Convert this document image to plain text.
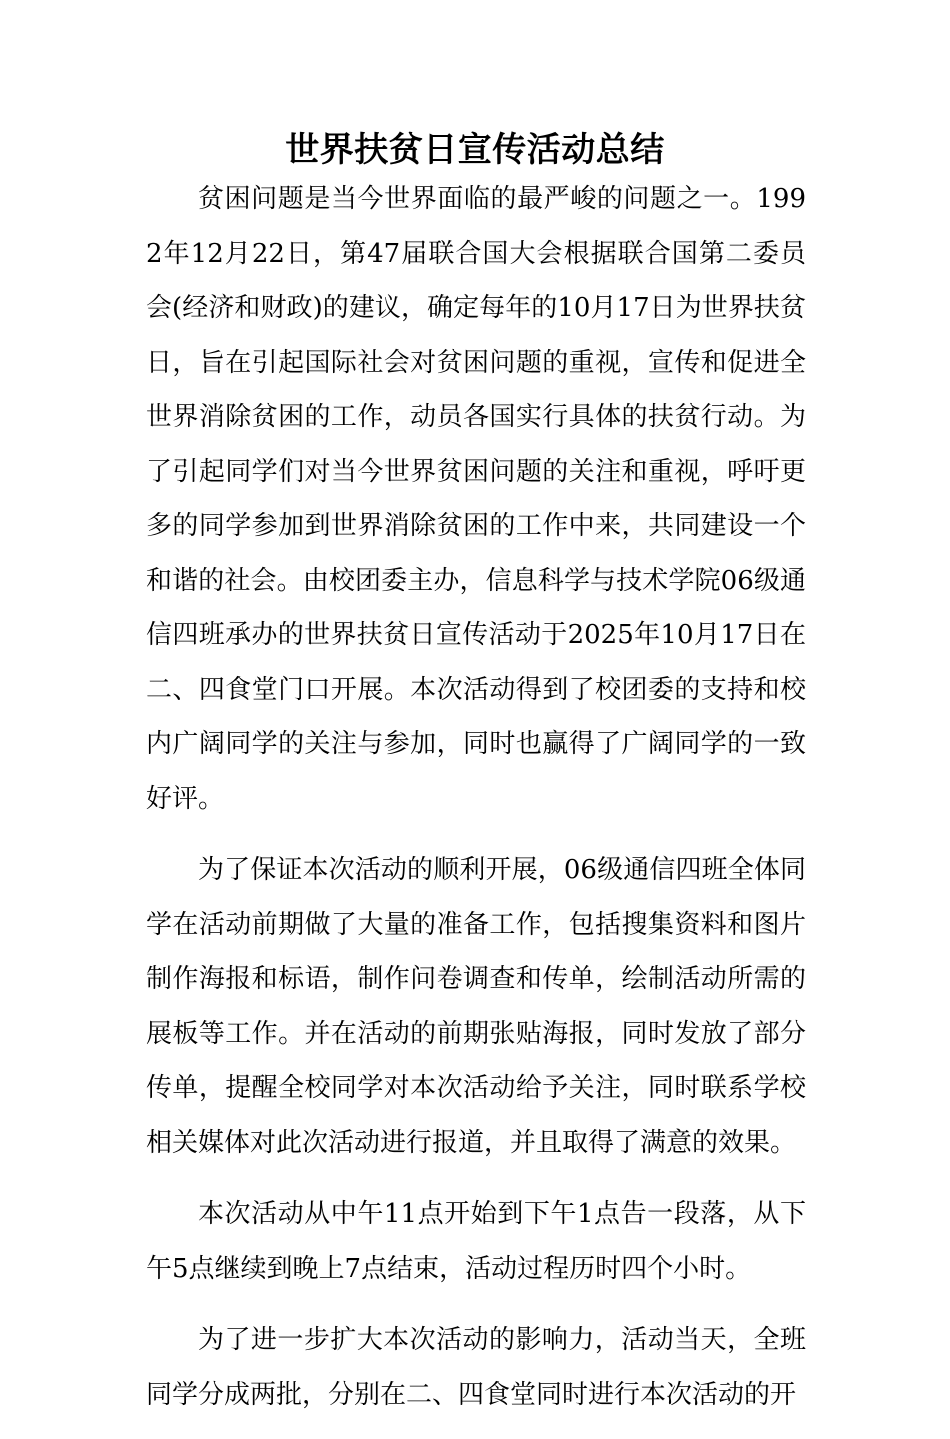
世界扶贫日宣传活动总结

贫困问题是当今世界面临的最严峻的问题之一。1992年12月22日，第47届联合国大会根据联合国第二委员会(经济和财政)的建议，确定每年的10月17日为世界扶贫日，旨在引起国际社会对贫困问题的重视，宣传和促进全世界消除贫困的工作，动员各国实行具体的扶贫行动。为了引起同学们对当今世界贫困问题的关注和重视，呼吁更多的同学参加到世界消除贫困的工作中来，共同建设一个和谐的社会。由校团委主办，信息科学与技术学院06级通信四班承办的世界扶贫日宣传活动于2025年10月17日在二、四食堂门口开展。本次活动得到了校团委的支持和校内广阔同学的关注与参加，同时也赢得了广阔同学的一致好评。

为了保证本次活动的顺利开展，06级通信四班全体同学在活动前期做了大量的准备工作，包括搜集资料和图片制作海报和标语，制作问卷调查和传单，绘制活动所需的展板等工作。并在活动的前期张贴海报，同时发放了部分传单，提醒全校同学对本次活动给予关注，同时联系学校相关媒体对此次活动进行报道，并且取得了满意的效果。

本次活动从中午11点开始到下午1点告一段落，从下午5点继续到晚上7点结束，活动过程历时四个小时。

为了进一步扩大本次活动的影响力，活动当天，全班同学分成两批，分别在二、四食堂同时进行本次活动的开
